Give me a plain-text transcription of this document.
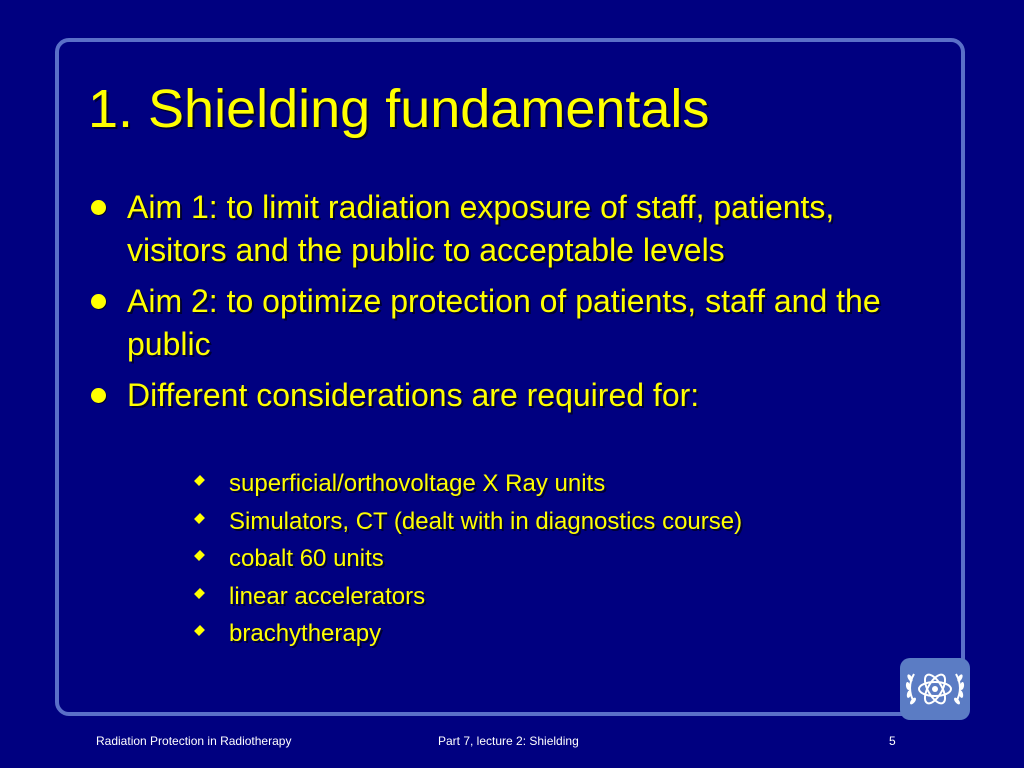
1. Shielding fundamentals
Aim 1: to limit radiation exposure of staff, patients, visitors and the public to acceptable levels
Aim 2: to optimize protection of patients, staff and the public
Different considerations are required for:
superficial/orthovoltage X Ray units
Simulators, CT (dealt with in diagnostics course)
cobalt 60 units
linear accelerators
brachytherapy
Radiation Protection in Radiotherapy	Part 7, lecture 2: Shielding	5
